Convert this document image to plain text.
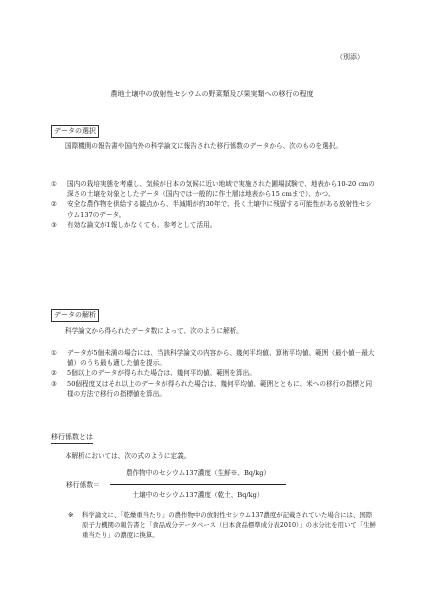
（別添）
農地土壌中の放射性セシウムの野菜類及び果実類への移行の程度
データの選択
国際機関の報告書や国内外の科学論文に報告された移行係数のデータから、次のものを選択。
①	国内の栽培実態を考慮し、気候が日本の気候に近い地域で実施された圃場試験で、地表から10-20 cmの深さの土壌を対象としたデータ（国内では一般的に作土層は地表から15 cmまで）、かつ、
②	安全な農作物を供給する観点から、半減期が約30年で、長く土壌中に残留する可能性がある放射性セシウム137のデータ。
③	有効な論文が1報しかなくても、参考として活用。
データの解析
科学論文から得られたデータ数によって、次のように解析。
①	データが5個未満の場合には、当該科学論文の内容から、幾何平均値、算術平均値、範囲（最小値－最大値）のうち最も適した値を提示。
②	5個以上のデータが得られた場合は、幾何平均値、範囲を算出。
③	50個程度又はそれ以上のデータが得られた場合は、幾何平均値、範囲とともに、米への移行の指標と同様の方法で移行の指標値を算出。
移行係数とは
本解析においては、次の式のように定義。
移行係数＝
農作物中のセシウム137濃度（生鮮※、Bq/kg）
土壌中のセシウム137濃度（乾土、Bq/kg）
※	科学論文に、「乾燥重当たり」の農作物中の放射性セシウム137濃度が記載されていた場合には、国際原子力機関の報告書と「食品成分データベース（日本食品標準成分表2010）」の水分比を用いて「生鮮重当たり」の濃度に換算。
